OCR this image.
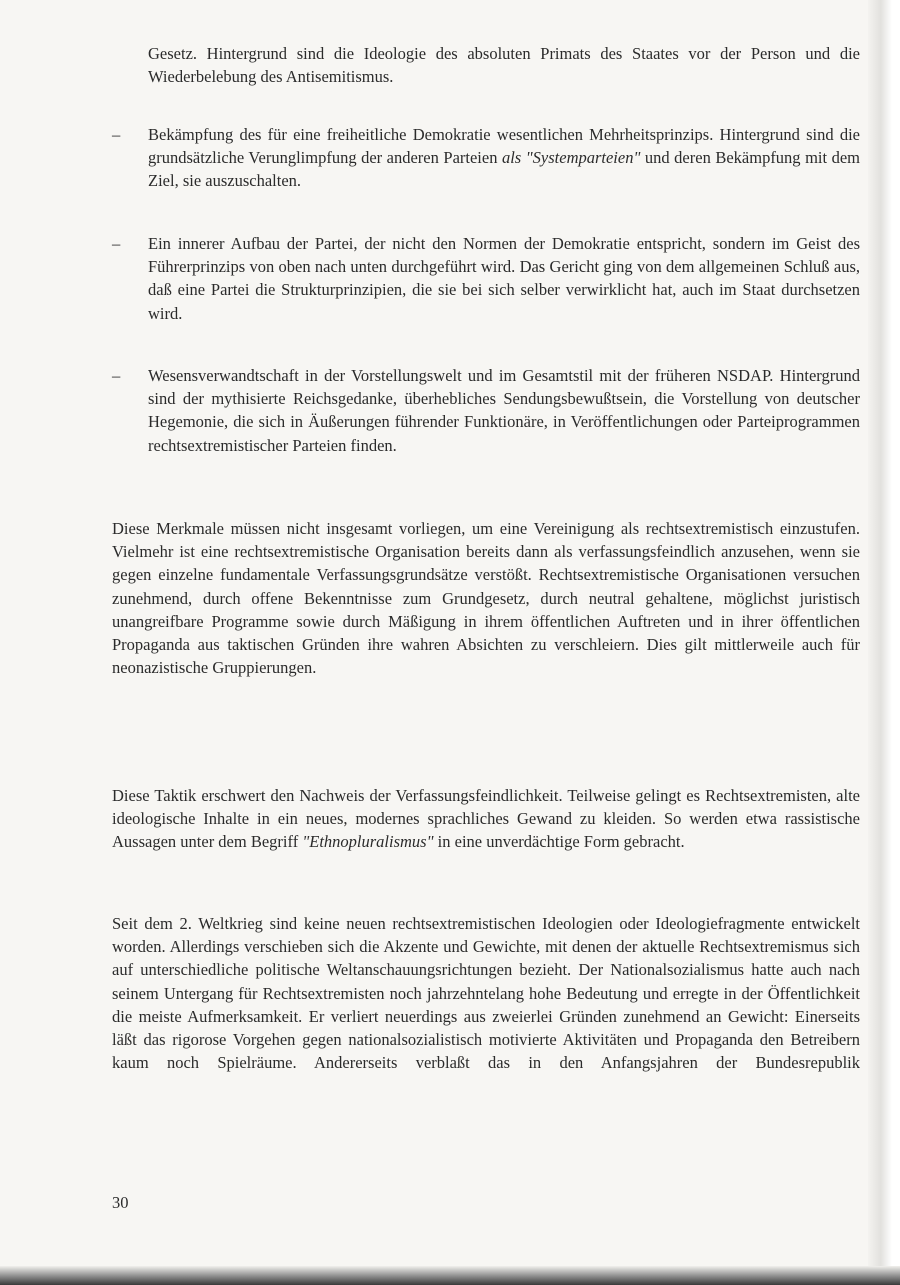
Gesetz. Hintergrund sind die Ideologie des absoluten Primats des Staates vor der Person und die Wiederbelebung des Antisemitismus.
– Bekämpfung des für eine freiheitliche Demokratie wesentlichen Mehrheitsprinzips. Hintergrund sind die grundsätzliche Verunglimpfung der anderen Parteien als "Systemparteien" und deren Bekämpfung mit dem Ziel, sie auszuschalten.
– Ein innerer Aufbau der Partei, der nicht den Normen der Demokratie entspricht, sondern im Geist des Führerprinzips von oben nach unten durchgeführt wird. Das Gericht ging von dem allgemeinen Schluß aus, daß eine Partei die Strukturprinzipien, die sie bei sich selber verwirklicht hat, auch im Staat durchsetzen wird.
– Wesensverwandtschaft in der Vorstellungswelt und im Gesamtstil mit der früheren NSDAP. Hintergrund sind der mythisierte Reichsgedanke, überhebliches Sendungsbewußtsein, die Vorstellung von deutscher Hegemonie, die sich in Äußerungen führender Funktionäre, in Veröffentlichungen oder Parteiprogrammen rechtsextremistischer Parteien finden.
Diese Merkmale müssen nicht insgesamt vorliegen, um eine Vereinigung als rechtsextremistisch einzustufen. Vielmehr ist eine rechtsextremistische Organisation bereits dann als verfassungsfeindlich anzusehen, wenn sie gegen einzelne fundamentale Verfassungsgrundsätze verstößt. Rechtsextremistische Organisationen versuchen zunehmend, durch offene Bekenntnisse zum Grundgesetz, durch neutral gehaltene, möglichst juristisch unangreifbare Programme sowie durch Mäßigung in ihrem öffentlichen Auftreten und in ihrer öffentlichen Propaganda aus taktischen Gründen ihre wahren Absichten zu verschleiern. Dies gilt mittlerweile auch für neonazistische Gruppierungen.
Diese Taktik erschwert den Nachweis der Verfassungsfeindlichkeit. Teilweise gelingt es Rechtsextremisten, alte ideologische Inhalte in ein neues, modernes sprachliches Gewand zu kleiden. So werden etwa rassistische Aussagen unter dem Begriff "Ethnopluralismus" in eine unverdächtige Form gebracht.
Seit dem 2. Weltkrieg sind keine neuen rechtsextremistischen Ideologien oder Ideologiefragmente entwickelt worden. Allerdings verschieben sich die Akzente und Gewichte, mit denen der aktuelle Rechtsextremismus sich auf unterschiedliche politische Weltanschauungsrichtungen bezieht. Der Nationalsozialismus hatte auch nach seinem Untergang für Rechtsextremisten noch jahrzehntelang hohe Bedeutung und erregte in der Öffentlichkeit die meiste Aufmerksamkeit. Er verliert neuerdings aus zweierlei Gründen zunehmend an Gewicht: Einerseits läßt das rigorose Vorgehen gegen nationalsozialistisch motivierte Aktivitäten und Propaganda den Betreibern kaum noch Spielräume. Andererseits verblaßt das in den Anfangsjahren der Bundesrepublik
30
